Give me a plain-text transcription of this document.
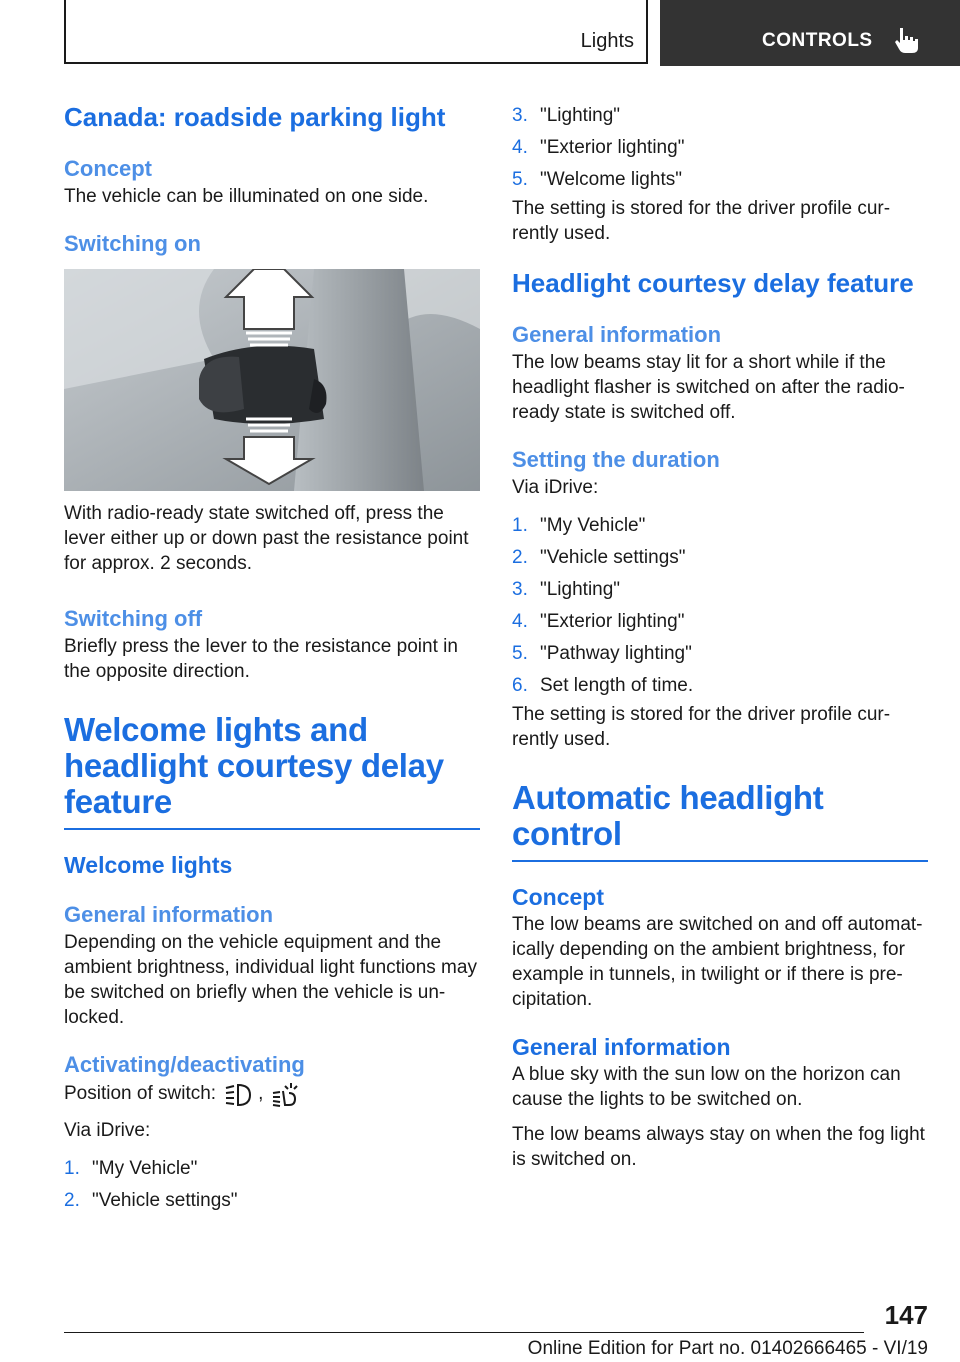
Lights	CONTROLS
Canada: roadside parking light
Concept

The vehicle can be illuminated on one side.

Switching on

With radio-ready state switched off, press the lever either up or down past the resistance point for approx. 2 seconds.

Switching off

Briefly press the lever to the resistance point in the opposite direction.

Welcome lights and headlight courtesy delay feature
Welcome lights
General information

Depending on the vehicle equipment and the ambient brightness, individual light functions may be switched on briefly when the vehicle is un-locked.

Activating/deactivating
Position of switch: ,

Via iDrive:

1. "My Vehicle"
2. "Vehicle settings"
3. "Lighting"
4. "Exterior lighting"
5. "Welcome lights"

The setting is stored for the driver profile cur-rently used.

Headlight courtesy delay feature
General information

The low beams stay lit for a short while if the headlight flasher is switched on after the radio-ready state is switched off.

Setting the duration

Via iDrive:

1. "My Vehicle"
2. "Vehicle settings"
3. "Lighting"
4. "Exterior lighting"
5. "Pathway lighting"
6. Set length of time.

The setting is stored for the driver profile cur-rently used.

Automatic headlight control
Concept

The low beams are switched on and off automat-ically depending on the ambient brightness, for example in tunnels, in twilight or if there is pre-cipitation.

General information

A blue sky with the sun low on the horizon can cause the lights to be switched on.

The low beams always stay on when the fog light is switched on.

147
Online Edition for Part no. 01402666465 - VI/19
